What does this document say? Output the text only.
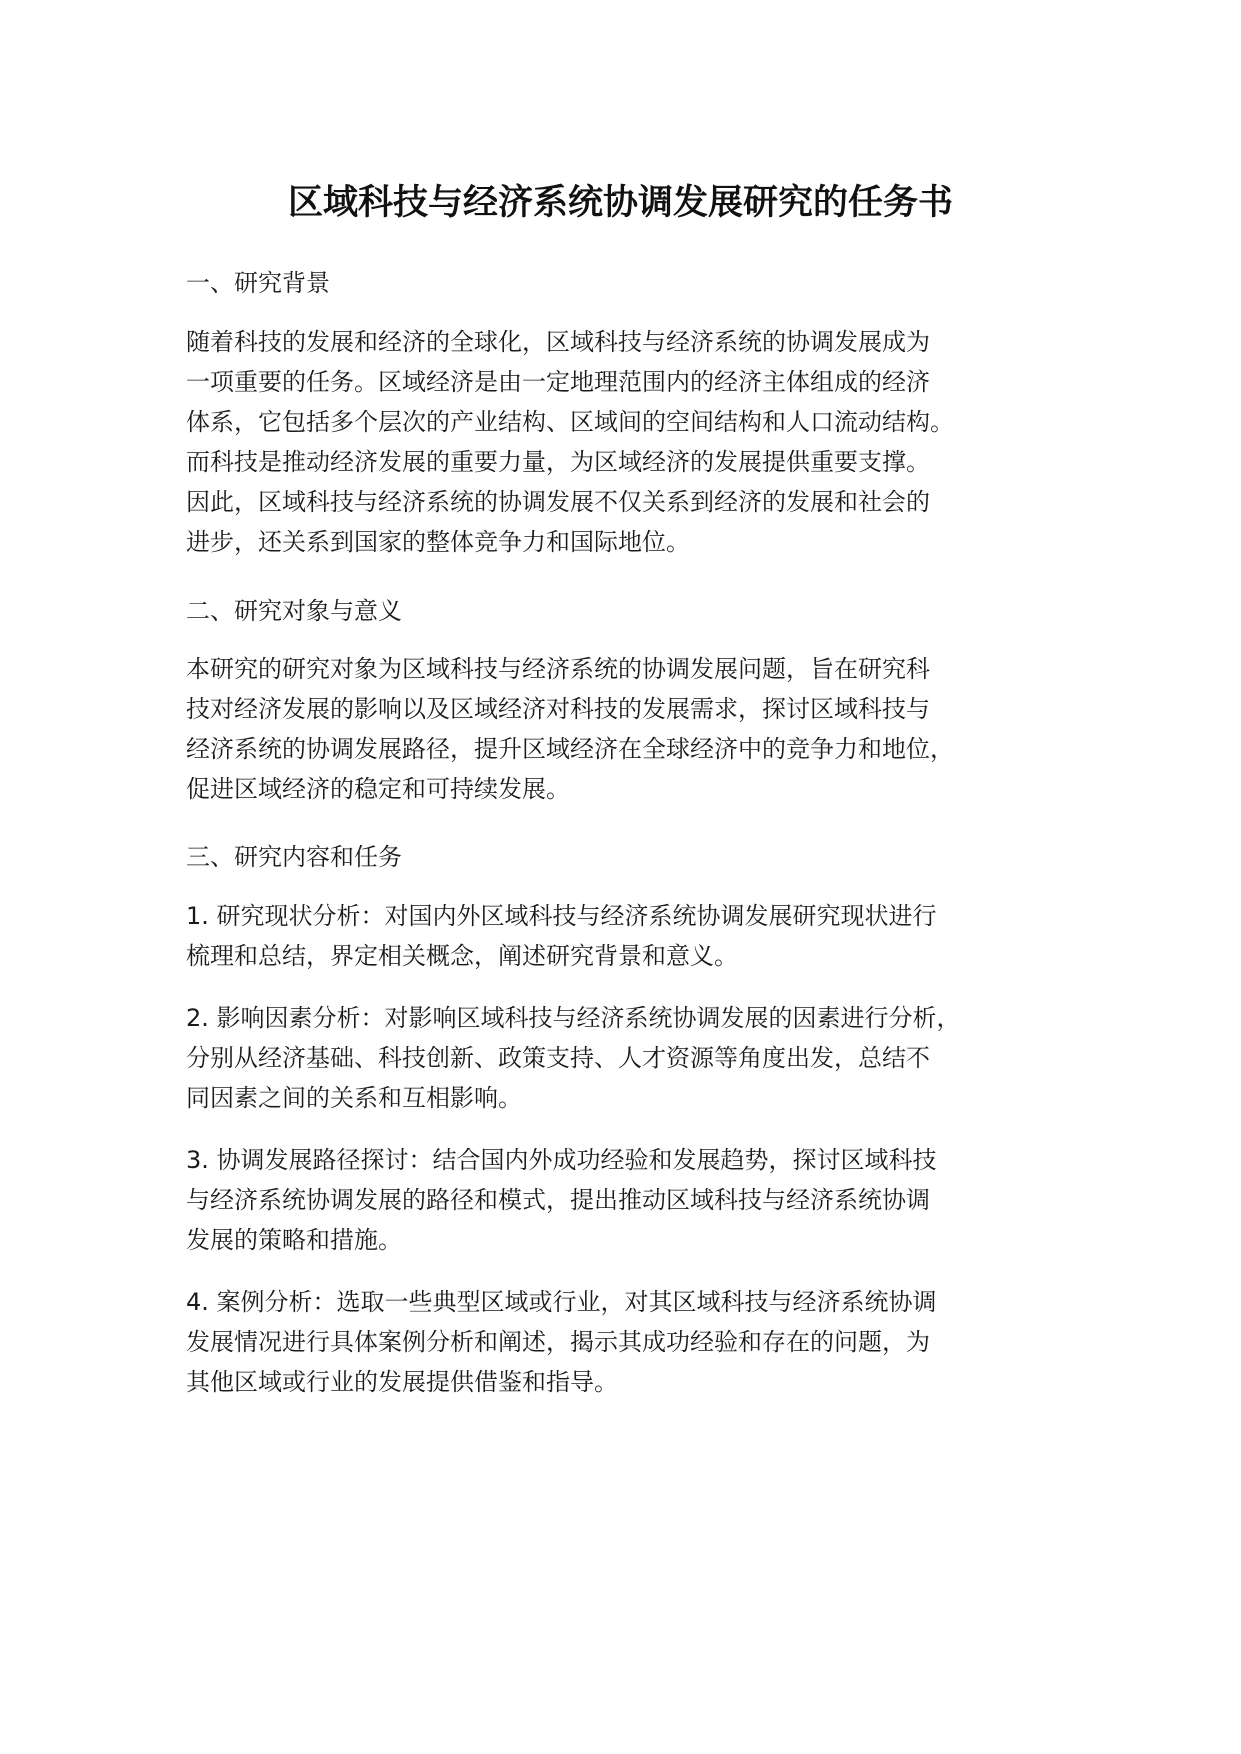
区域科技与经济系统协调发展研究的任务书
一、研究背景
随着科技的发展和经济的全球化，区域科技与经济系统的协调发展成为
一项重要的任务。区域经济是由一定地理范围内的经济主体组成的经济
体系，它包括多个层次的产业结构、区域间的空间结构和人口流动结构。
而科技是推动经济发展的重要力量，为区域经济的发展提供重要支撑。
因此，区域科技与经济系统的协调发展不仅关系到经济的发展和社会的
进步，还关系到国家的整体竞争力和国际地位。
二、研究对象与意义
本研究的研究对象为区域科技与经济系统的协调发展问题，旨在研究科
技对经济发展的影响以及区域经济对科技的发展需求，探讨区域科技与
经济系统的协调发展路径，提升区域经济在全球经济中的竞争力和地位，
促进区域经济的稳定和可持续发展。
三、研究内容和任务
1. 研究现状分析：对国内外区域科技与经济系统协调发展研究现状进行
梳理和总结，界定相关概念，阐述研究背景和意义。
2. 影响因素分析：对影响区域科技与经济系统协调发展的因素进行分析，
分别从经济基础、科技创新、政策支持、人才资源等角度出发，总结不
同因素之间的关系和互相影响。
3. 协调发展路径探讨：结合国内外成功经验和发展趋势，探讨区域科技
与经济系统协调发展的路径和模式，提出推动区域科技与经济系统协调
发展的策略和措施。
4. 案例分析：选取一些典型区域或行业，对其区域科技与经济系统协调
发展情况进行具体案例分析和阐述，揭示其成功经验和存在的问题，为
其他区域或行业的发展提供借鉴和指导。
